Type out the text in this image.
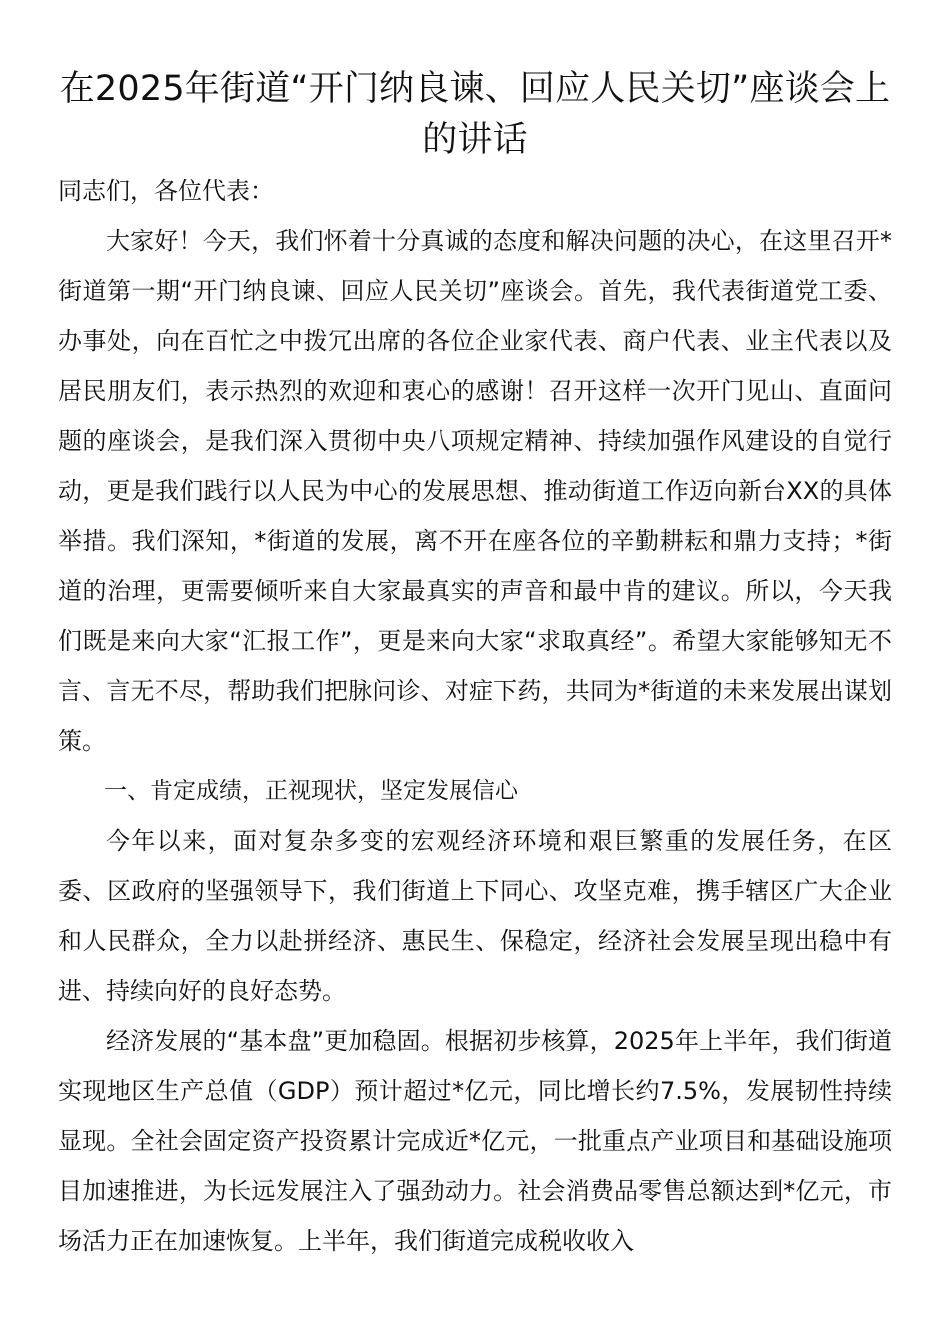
在2025年街道“开门纳良谏、回应人民关切”座谈会上的讲话

同志们，各位代表：

大家好！今天，我们怀着十分真诚的态度和解决问题的决心，在这里召开*街道第一期“开门纳良谏、回应人民关切”座谈会。首先，我代表街道党工委、办事处，向在百忙之中拨冗出席的各位企业家代表、商户代表、业主代表以及居民朋友们，表示热烈的欢迎和衷心的感谢！召开这样一次开门见山、直面问题的座谈会，是我们深入贯彻中央八项规定精神、持续加强作风建设的自觉行动，更是我们践行以人民为中心的发展思想、推动街道工作迈向新台XX的具体举措。我们深知，*街道的发展，离不开在座各位的辛勤耕耘和鼎力支持；*街道的治理，更需要倾听来自大家最真实的声音和最中肯的建议。所以，今天我们既是来向大家“汇报工作”，更是来向大家“求取真经”。希望大家能够知无不言、言无不尽，帮助我们把脉问诊、对症下药，共同为*街道的未来发展出谋划策。

一、肯定成绩，正视现状，坚定发展信心

今年以来，面对复杂多变的宏观经济环境和艰巨繁重的发展任务，在区委、区政府的坚强领导下，我们街道上下同心、攻坚克难，携手辖区广大企业和人民群众，全力以赴拼经济、惠民生、保稳定，经济社会发展呈现出稳中有进、持续向好的良好态势。

经济发展的“基本盘”更加稳固。根据初步核算，2025年上半年，我们街道实现地区生产总值（GDP）预计超过*亿元，同比增长约7.5%，发展韧性持续显现。全社会固定资产投资累计完成近*亿元，一批重点产业项目和基础设施项目加速推进，为长远发展注入了强劲动力。社会消费品零售总额达到*亿元，市场活力正在加速恢复。上半年，我们街道完成税收收入
